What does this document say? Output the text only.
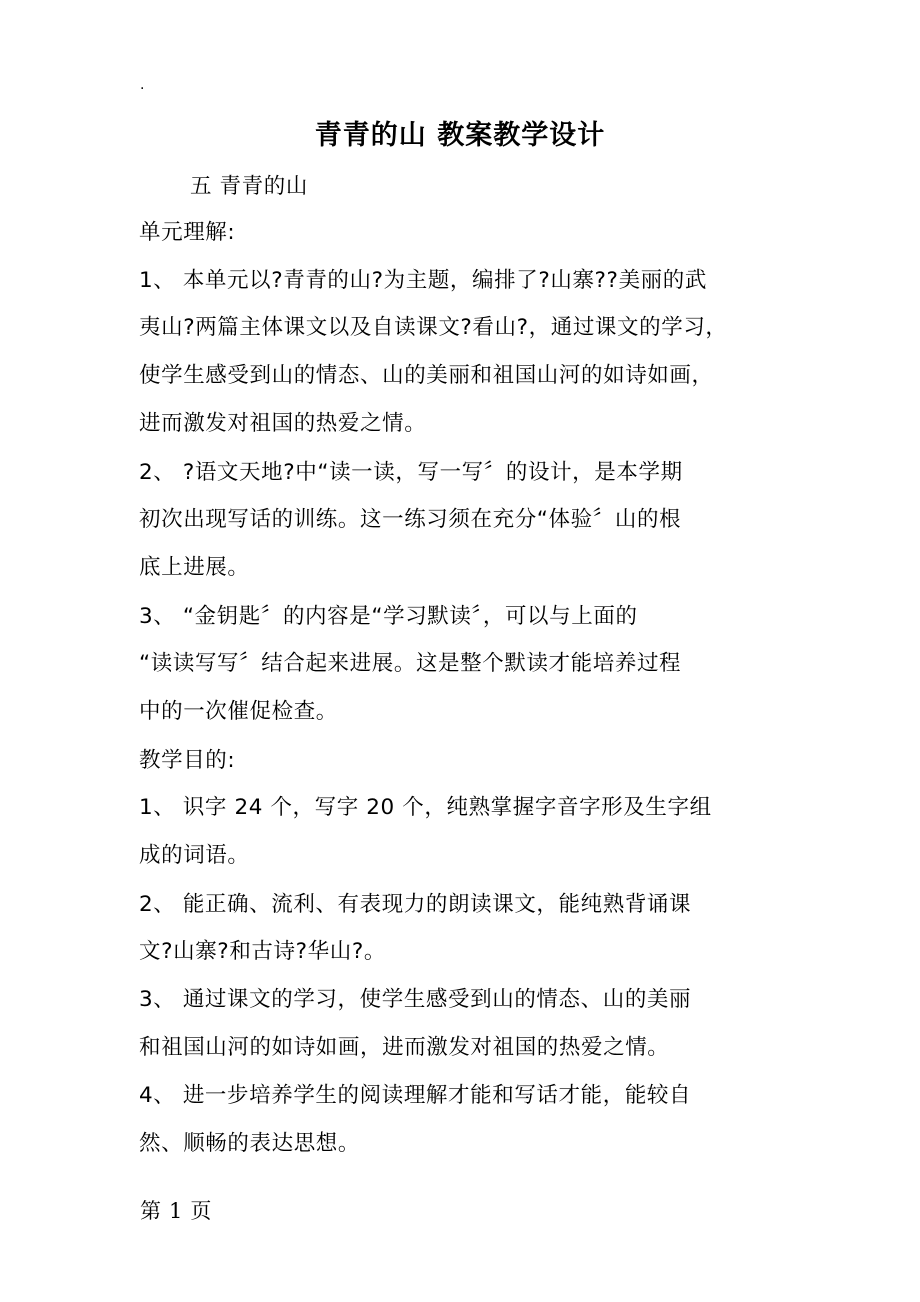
.
青青的山 教案教学设计
五 青青的山
单元理解:
1、 本单元以?青青的山?为主题，编排了?山寨??美丽的武
夷山?两篇主体课文以及自读课文?看山?，通过课文的学习，
使学生感受到山的情态、山的美丽和祖国山河的如诗如画，
进而激发对祖国的热爱之情。
2、 ?语文天地?中“读一读，写一写〞的设计，是本学期
初次出现写话的训练。这一练习须在充分“体验〞山的根
底上进展。
3、 “金钥匙〞的内容是“学习默读〞，可以与上面的
“读读写写〞结合起来进展。这是整个默读才能培养过程
中的一次催促检查。
教学目的:
1、 识字 24 个，写字 20 个，纯熟掌握字音字形及生字组
成的词语。
2、 能正确、流利、有表现力的朗读课文，能纯熟背诵课
文?山寨?和古诗?华山?。
3、 通过课文的学习，使学生感受到山的情态、山的美丽
和祖国山河的如诗如画，进而激发对祖国的热爱之情。
4、 进一步培养学生的阅读理解才能和写话才能，能较自
然、顺畅的表达思想。
第 1 页
